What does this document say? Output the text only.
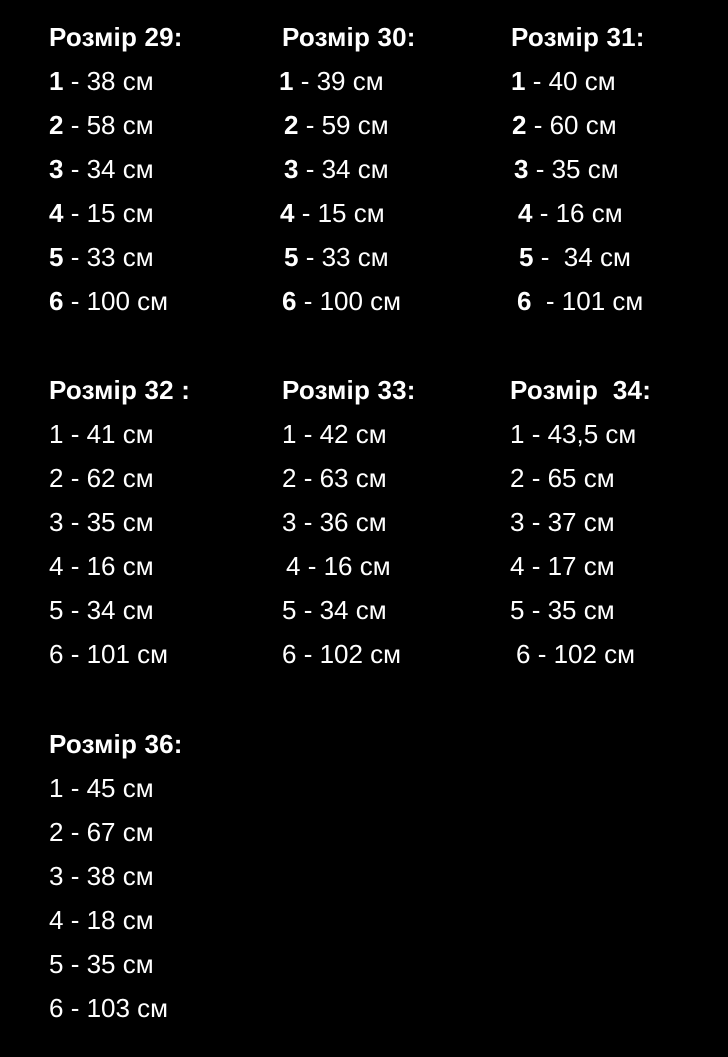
Розмір 29:
1 - 38 см
2 - 58 см
3 - 34 см
4 - 15 см
5 - 33 см
6 - 100 см
Розмір 30:
1 - 39 см
2 - 59 см
3 - 34 см
4 - 15 см
5 - 33 см
6 - 100 см
Розмір 31:
1 - 40 см
2 - 60 см
3 - 35 см
4 - 16 см
5 -  34 см
6  - 101 см
Розмір 32 :
1 - 41 см
2 - 62 см
3 - 35 см
4 - 16 см
5 - 34 см
6 - 101 см
Розмір 33:
1 - 42 см
2 - 63 см
3 - 36 см
4 - 16 см
5 - 34 см
6 - 102 см
Розмір  34:
1 - 43,5 см
2 - 65 см
3 - 37 см
4 - 17 см
5 - 35 см
6 - 102 см
Розмір 36:
1 - 45 см
2 - 67 см
3 - 38 см
4 - 18 см
5 - 35 см
6 - 103 см
